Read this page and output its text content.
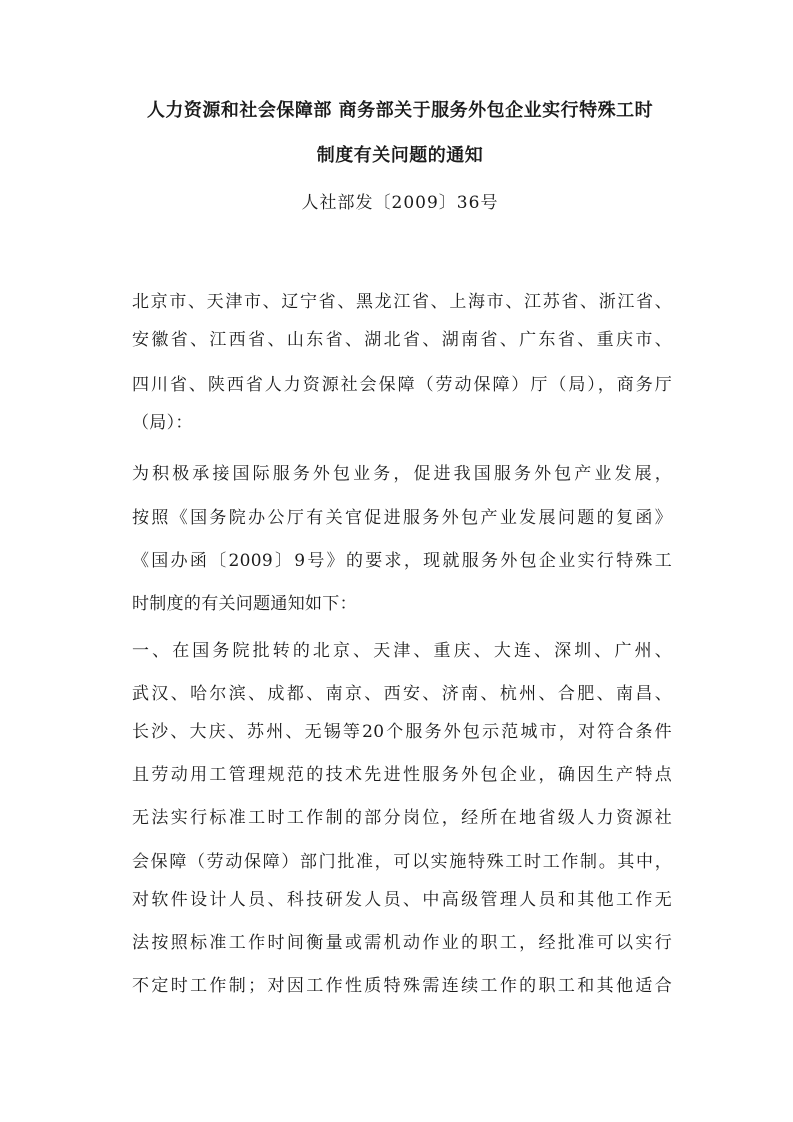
人力资源和社会保障部 商务部关于服务外包企业实行特殊工时
制度有关问题的通知
人社部发〔2009〕36号
北京市、天津市、辽宁省、黑龙江省、上海市、江苏省、浙江省、
安徽省、江西省、山东省、湖北省、湖南省、广东省、重庆市、
四川省、陕西省人力资源社会保障（劳动保障）厅（局），商务厅
（局）：
为积极承接国际服务外包业务，促进我国服务外包产业发展，
按照《国务院办公厅有关官促进服务外包产业发展问题的复函》
《国办函〔2009〕9号》的要求，现就服务外包企业实行特殊工
时制度的有关问题通知如下：
一、在国务院批转的北京、天津、重庆、大连、深圳、广州、
武汉、哈尔滨、成都、南京、西安、济南、杭州、合肥、南昌、
长沙、大庆、苏州、无锡等20个服务外包示范城市，对符合条件
且劳动用工管理规范的技术先进性服务外包企业，确因生产特点
无法实行标准工时工作制的部分岗位，经所在地省级人力资源社
会保障（劳动保障）部门批准，可以实施特殊工时工作制。其中，
对软件设计人员、科技研发人员、中高级管理人员和其他工作无
法按照标准工作时间衡量或需机动作业的职工，经批准可以实行
不定时工作制；对因工作性质特殊需连续工作的职工和其他适合
